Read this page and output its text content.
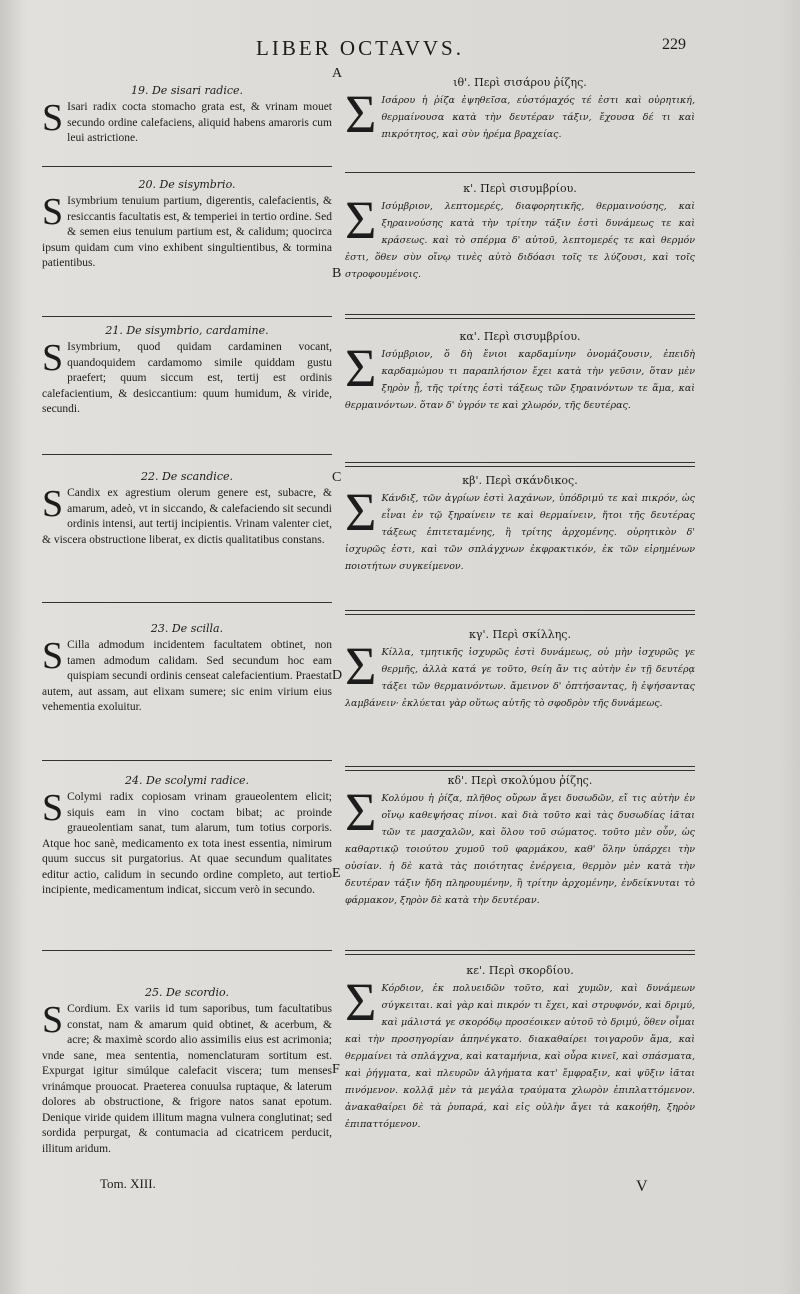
LIBER OCTAVVS.	229
A
B
C
D
E
F

19. De sisari radice.

S Isari radix cocta stomacho grata est, & vrinam mouet secundo ordine calefaciens, aliquid habens amaroris cum leui astrictione.

20. De sisymbrio.

S Isymbrium tenuium partium, digerentis, calefacientis, & resiccantis facultatis est, & temperiei in tertio ordine. Sed & semen eius tenuium partium est, & calidum; quocirca ipsum quidam cum vino exhibent singultientibus, & tormina patientibus.

21. De sisymbrio, cardamine.

S Isymbrium, quod quidam cardaminen vocant, quandoquidem cardamomo simile quiddam gustu praefert; quum siccum est, tertij est ordinis calefacientium, & desiccantium: quum humidum, & viride, secundi.

22. De scandice.

S Candix ex agrestium olerum genere est, subacre, & amarum, adeò, vt in siccando, & calefaciendo sit secundi ordinis intensi, aut tertij incipientis. Vrinam valenter ciet, & viscera obstructione liberat, ex dictis qualitatibus constans.

23. De scilla.

S Cilla admodum incidentem facultatem obtinet, non tamen admodum calidam. Sed secundum hoc eam quispiam secundi ordinis censeat calefacientium. Praestat autem, aut assam, aut elixam sumere; sic enim virium eius vehementia exoluitur.

24. De scolymi radice.

S Colymi radix copiosam vrinam graueolentem elicit; siquis eam in vino coctam bibat; ac proinde graueolentiam sanat, tum alarum, tum totius corporis. Atque hoc sanè, medicamento ex tota inest essentia, nimirum quum succus sit purgatorius. At quae secundum qualitates editur actio, calidum in secundo ordine completo, aut tertio incipiente, medicamentum indicat, siccum verò in secundo.

25. De scordio.

S Cordium. Ex variis id tum saporibus, tum facultatibus constat, nam & amarum quid obtinet, & acerbum, & acre; & maximè scordo alio assimilis eius est acrimonia; vnde sane, mea sententia, nomenclaturam sortitum est. Expurgat igitur simúlque calefacit viscera; tum menses vrinámque prouocat. Praeterea conuulsa ruptaque, & laterum dolores ab obstructione, & frigore natos sanat epotum. Denique viride quidem illitum magna vulnera conglutinat; sed sordida perpurgat, & contumacia ad cicatricem perducit, illitum aridum.

ιθ'. Περὶ σισάρου ῥίζης.

Σ Ισάρου ἡ ῥίζα ἑψηθεῖσα, εὐστόμαχός τέ ἐστι καὶ οὐρητική, θερμαίνουσα κατὰ τὴν δευτέραν τάξιν, ἔχουσα δέ τι καὶ πικρότητος, καὶ σὺν ἠρέμα βραχείας.

κ'. Περὶ σισυμβρίου.

Σ Ισύμβριον, λεπτομερές, διαφορητικῆς, θερμαινούσης, καὶ ξηραινούσης κατὰ τὴν τρίτην τάξιν ἐστὶ δυνάμεως τε καὶ κράσεως. καὶ τὸ σπέρμα δ' αὐτοῦ, λεπτομερές τε καὶ θερμόν ἐστι, ὅθεν σὺν οἴνῳ τινὲς αὐτὸ διδόασι τοῖς τε λύζουσι, καὶ τοῖς στροφουμένοις.

κα'. Περὶ σισυμβρίου.

Σ Ισύμβριον, ὅ δὴ ἔνιοι καρδαμίνην ὀνομάζουσιν, ἐπειδὴ καρδαμώμου τι παραπλήσιον ἔχει κατὰ τὴν γεῦσιν, ὅταν μὲν ξηρὸν ᾖ, τῆς τρίτης ἐστὶ τάξεως τῶν ξηραινόντων τε ἅμα, καὶ θερμαινόντων. ὅταν δ' ὑγρόν τε καὶ χλωρόν, τῆς δευτέρας.

κβ'. Περὶ σκάνδικος.

Σ Κάνδιξ, τῶν ἀγρίων ἐστὶ λαχάνων, ὑπόδριμύ τε καὶ πικρόν, ὡς εἶναι ἐν τῷ ξηραίνειν τε καὶ θερμαίνειν, ἤτοι τῆς δευτέρας τάξεως ἐπιτεταμένης, ἢ τρίτης ἀρχομένης. οὐρητικὸν δ' ἰσχυρῶς ἐστι, καὶ τῶν σπλάγχνων ἐκφρακτικόν, ἐκ τῶν εἰρημένων ποιοτήτων συγκείμενον.

κγ'. Περὶ σκίλλης.

Σ Κίλλα, τμητικῆς ἰσχυρῶς ἐστὶ δυνάμεως, οὐ μὴν ἰσχυρῶς γε θερμῆς, ἀλλὰ κατά γε τοῦτο, θείη ἄν τις αὐτὴν ἐν τῇ δευτέρᾳ τάξει τῶν θερμαινόντων. ἄμεινον δ' ὀπτήσαντας, ἢ ἑψήσαντας λαμβάνειν· ἐκλύεται γὰρ οὕτως αὐτῆς τὸ σφοδρὸν τῆς δυνάμεως.

κδ'. Περὶ σκολύμου ῥίζης.

Σ Κολύμου ἡ ῥίζα, πλῆθος οὔρων ἄγει δυσωδῶν, εἴ τις αὐτὴν ἐν οἴνῳ καθεψήσας πίνοι. καὶ διὰ τοῦτο καὶ τὰς δυσωδίας ἰᾶται τῶν τε μασχαλῶν, καὶ ὅλου τοῦ σώματος. τοῦτο μὲν οὖν, ὡς καθαρτικῷ τοιούτου χυμοῦ τοῦ φαρμάκου, καθ' ὅλην ὑπάρχει τὴν οὐσίαν. ἡ δὲ κατὰ τὰς ποιότητας ἐνέργεια, θερμὸν μὲν κατὰ τὴν δευτέραν τάξιν ἤδη πληρουμένην, ἢ τρίτην ἀρχομένην, ἐνδείκνυται τὸ φάρμακον, ξηρὸν δὲ κατὰ τὴν δευτέραν.

κε'. Περὶ σκορδίου.

Σ Κόρδιον, ἐκ πολυειδῶν τοῦτο, καὶ χυμῶν, καὶ δυνάμεων σύγκειται. καὶ γὰρ καὶ πικρόν τι ἔχει, καὶ στρυφνόν, καὶ δριμύ, καὶ μάλιστά γε σκορόδῳ προσέοικεν αὐτοῦ τὸ δριμύ, ὅθεν οἶμαι καὶ τὴν προσηγορίαν ἀπηνέγκατο. διακαθαίρει τοιγαροῦν ἅμα, καὶ θερμαίνει τὰ σπλάγχνα, καὶ καταμήνια, καὶ οὖρα κινεῖ, καὶ σπάσματα, καὶ ῥήγματα, καὶ πλευρῶν ἀλγήματα κατ' ἔμφραξιν, καὶ ψῦξιν ἰᾶται πινόμενον. κολλᾷ μὲν τὰ μεγάλα τραύματα χλωρὸν ἐπιπλαττόμενον. ἀνακαθαίρει δὲ τὰ ῥυπαρά, καὶ εἰς οὐλὴν ἄγει τὰ κακοήθη, ξηρὸν ἐπιπαττόμενον.

Tom. XIII.	V
